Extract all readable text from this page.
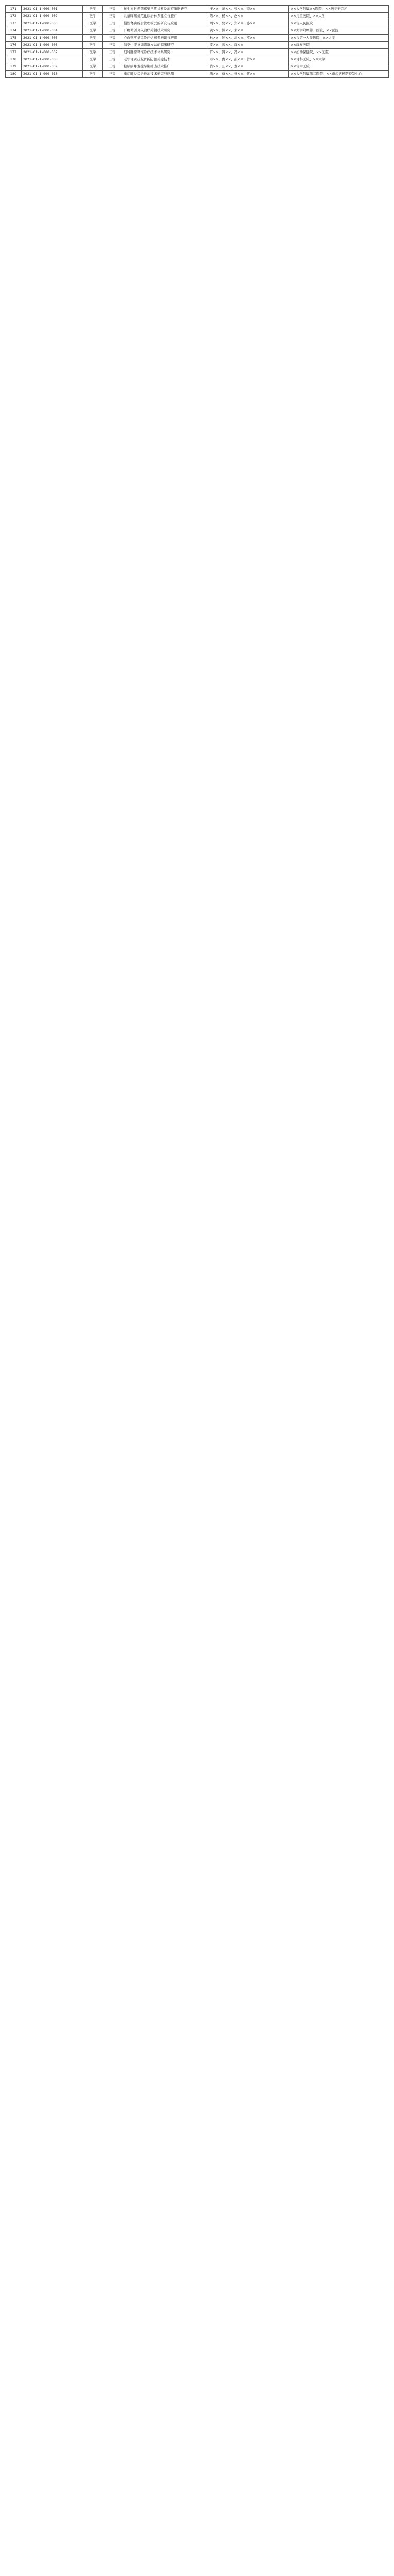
171	2021-C1-1-000-001	医学	三等	抗生素耐药菌感染早期诊断及治疗策略研究	王××、刘××、张××、李××	××大学附属××医院、××医学研究所
172	2021-C1-1-000-002	医学	三等	儿童哮喘规范化诊治体系建立与推广	陈××、杨××、赵××	××儿童医院、××大学
173	2021-C1-1-000-003	医学	三等	慢性肾病综合管理模式的研究与应用	周××、吴××、郑××、孙××	××省人民医院
174	2021-C1-1-000-004	医学	三等	肝癌微创介入治疗关键技术研究	黄××、徐××、朱××	××大学附属第一医院、××医院
175	2021-C1-1-000-005	医学	三等	心血管疾病风险评估模型构建与应用	林××、何××、高××、罗××	××市第一人民医院、××大学
176	2021-C1-1-000-006	医学	三等	脑卒中康复训练新方法的临床研究	梁××、宋××、唐××	××康复医院
177	2021-C1-1-000-007	医学	三等	妇科肿瘤精准诊疗技术体系研究	许××、韩××、冯××	××妇幼保健院、××医院
178	2021-C1-1-000-008	医学	三等	老年骨质疏松骨折防治关键技术	邓××、曹××、彭××、曾××	××骨科医院、××大学
179	2021-C1-1-000-009	医学	三等	糖尿病并发症早期筛查技术推广	肖××、田××、董××	××省中医院
180	2021-C1-1-000-010	医学	三等	重症肺炎综合救治技术研究与应用	潘××、袁××、蔡××、蒋××	××大学附属第二医院、××市疾病预防控制中心
